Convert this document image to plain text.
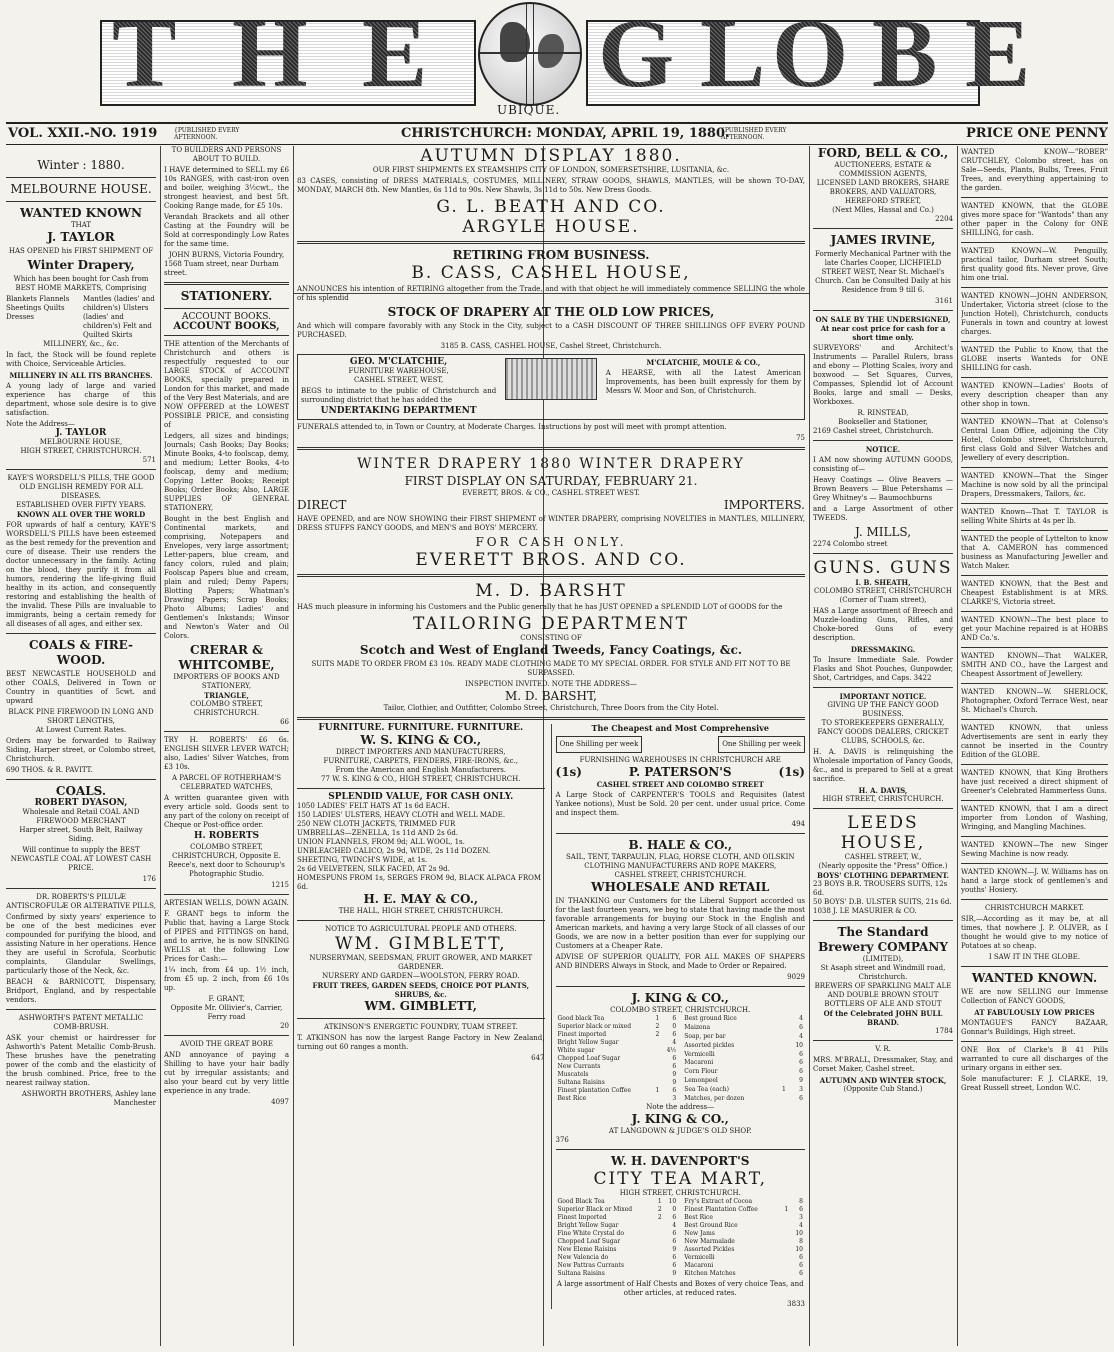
T H E G L O B E
UBIQUE.
VOL. XXII.-NO. 1919	{PUBLISHED EVERY AFTERNOON.	CHRISTCHURCH: MONDAY, APRIL 19, 1880.
{PUBLISHED EVERY AFTERNOON.	PRICE ONE PENNY
Winter : 1880.
MELBOURNE HOUSE.
WANTED KNOWN
THAT
J. TAYLOR

HAS OPENED his FIRST SHIPMENT OF

Winter Drapery,

Which has been bought for Cash from BEST HOME MARKETS, Comprising

Blankets Flannels Sheetings Quilts Dresses
Mantles (ladies' and children's) Ulsters (ladies' and children's) Felt and Quilted Skirts
MILLINERY, &c., &c.

In fact, the Stock will be found replete with Choice, Serviceable Articles.

MILLINERY IN ALL ITS BRANCHES.

A young lady of large and varied experience has charge of this department, whose sole desire is to give satisfaction.

Note the Address—
J. TAYLOR
MELBOURNE HOUSE,
HIGH STREET, CHRISTCHURCH.
571
KAYE'S WORSDELL'S PILLS, THE GOOD OLD ENGLISH REMEDY FOR ALL DISEASES.
ESTABLISHED OVER FIFTY YEARS.
KNOWN ALL OVER THE WORLD

FOR upwards of half a century, KAYE'S WORSDELL'S PILLS have been esteemed as the best remedy for the prevention and cure of disease. Their use renders the doctor unnecessary in the family. Acting on the blood, they purify it from all humors, rendering the life-giving fluid healthy in its action, and consequently restoring and establishing the health of the invalid. These Pills are invaluable to immigrants, being a certain remedy for all diseases of all ages, and either sex.

COALS & FIRE-WOOD.

BEST NEWCASTLE HOUSEHOLD and other COALS, Delivered in Town or Country in quantities of 5cwt. and upward

BLACK PINE FIREWOOD IN LONG AND SHORT LENGTHS,
At Lowest Current Rates.

Orders may be forwarded to Railway Siding, Harper street, or Colombo street, Christchurch.

690 THOS. & R. PAVITT.
COALS.
ROBERT DYASON,
Wholesale and Retail COAL AND FIREWOOD MERCHANT
Harper street, South Belt, Railway Siding.

Will continue to supply the BEST NEWCASTLE COAL AT LOWEST CASH PRICE.

176
DR. ROBERTS'S PILULÆ ANTISCROFULÆ OR ALTERATIVE PILLS,

Confirmed by sixty years' experience to be one of the best medicines ever compounded for purifying the blood, and assisting Nature in her operations. Hence they are useful in Scrofula, Scorbutic complaints, Glandular Swellings, particularly those of the Neck, &c.

BEACH & BARNICOTT, Dispensary, Bridport, England, and by respectable vendors.

ASHWORTH'S PATENT METALLIC COMB-BRUSH.

ASK your chemist or hairdresser for Ashworth's Patent Metallic Comb-Brush. These brushes have the penetrating power of the comb and the elasticity of the brush combined. Price, free to the nearest railway station.

ASHWORTH BROTHERS, Ashley lane Manchester
TO BUILDERS AND PERSONS ABOUT TO BUILD.

I HAVE determined to SELL my £6 10s RANGES, with cast-iron oven and boiler, weighing 3½cwt., the strongest heaviest, and best 5ft. Cooking Range made, for £5 10s.

Verandah Brackets and all other Casting at the Foundry will be Sold at correspondingly Low Rates for the same time.

JOHN BURNS, Victoria Foundry,
1568 Tuam street, near Durham street.
STATIONERY.
ACCOUNT BOOKS.
ACCOUNT BOOKS,

THE attention of the Merchants of Christchurch and others is respectfully requested to our LARGE STOCK of ACCOUNT BOOKS, specially prepared in London for this market, and made of the Very Best Materials, and are NOW OFFERED at the LOWEST POSSIBLE PRICE, and consisting of

Ledgers, all sizes and bindings; Journals; Cash Books; Day Books; Minute Books, 4-to foolscap, demy, and medium; Letter Books, 4-to foolscap, demy and medium; Copying Letter Books; Receipt Books; Order Books; Also, LARGE SUPPLIES OF GENERAL STATIONERY,

Bought in the best English and Continental markets, and comprising, Notepapers and Envelopes, very large assortment; Letter-papers, blue cream, and fancy colors, ruled and plain; Foolscap Papers blue and cream, plain and ruled; Demy Papers; Blotting Papers; Whatman's Drawing Papers; Scrap Books; Photo Albums; Ladies' and Gentlemen's Inkstands; Winsor and Newton's Water and Oil Colors.

CRERAR & WHITCOMBE,
IMPORTERS OF BOOKS AND STATIONERY,
TRIANGLE,
COLOMBO STREET, CHRISTCHURCH.
66

TRY H. ROBERTS' £6 6s. ENGLISH SILVER LEVER WATCH; also, Ladies' Silver Watches, from £3 10s.

A PARCEL OF ROTHERHAM'S CELEBRATED WATCHES,

A written guarantee given with every article sold. Goods sent to any part of the colony on receipt of Cheque or Post-office order.

H. ROBERTS

COLOMBO STREET, CHRISTCHURCH, Opposite E. Reece's, next door to Schourup's Photographic Studio.

1215
ARTESIAN WELLS, DOWN AGAIN.

F. GRANT begs to inform the Public that, having a Large Stock of PIPES and FITTINGS on hand, and to arrive, he is now SINKING WELLS at the following Low Prices for Cash:—

1¼ inch, from £4 up. 1½ inch, from £5 up. 2 inch, from £6 10s up.

F. GRANT,
Opposite Mr. Ollivier's, Carrier, Ferry road
20
AVOID THE GREAT BORE

AND annoyance of paying a Shilling to have your hair badly cut by irregular assistants; and also your beard cut by very little experience in any trade.

4097
AUTUMN DISPLAY 1880.
OUR FIRST SHIPMENTS EX STEAMSHIPS CITY OF LONDON, SOMERSETSHIRE, LUSITANIA, &c.

83 CASES, consisting of DRESS MATERIALS, COSTUMES, MILLINERY, STRAW GOODS, SHAWLS, MANTLES, will be shown TO-DAY, MONDAY, MARCH 8th. New Mantles, 6s 11d to 90s. New Shawls, 3s 11d to 50s. New Dress Goods.

G. L. BEATH AND CO.
ARGYLE HOUSE.
RETIRING FROM BUSINESS.
B. CASS, CASHEL HOUSE,

ANNOUNCES his intention of RETIRING altogether from the Trade, and with that object he will immediately commence SELLING the whole of his splendid

STOCK OF DRAPERY AT THE OLD LOW PRICES,

And which will compare favorably with any Stock in the City, subject to a CASH DISCOUNT OF THREE SHILLINGS OFF EVERY POUND PURCHASED.

3185 B. CASS, CASHEL HOUSE, Cashel Street, Christchurch.
GEO. M'CLATCHIE,
FURNITURE WAREHOUSE,
CASHEL STREET, WEST,

BEGS to intimate to the public of Christchurch and surrounding district that he has added the

UNDERTAKING DEPARTMENT
M'CLATCHIE, MOULE & CO.,

A HEARSE, with all the Latest American Improvements, has been built expressly for them by Messrs W. Moor and Son, of Christchurch.

FUNERALS attended to, in Town or Country, at Moderate Charges. Instructions by post will meet with prompt attention.

75
WINTER DRAPERY 1880 WINTER DRAPERY
FIRST DISPLAY ON SATURDAY, FEBRUARY 21.
EVERETT, BROS. & CO., CASHEL STREET WEST.
DIRECT	IMPORTERS.

HAVE OPENED, and are NOW SHOWING their FIRST SHIPMENT of WINTER DRAPERY, comprising NOVELTIES in MANTLES, MILLINERY, DRESS STUFFS FANCY GOODS, and MEN'S and BOYS' MERCERY.

FOR CASH ONLY.
EVERETT BROS. AND CO.
M. D. BARSHT

HAS much pleasure in informing his Customers and the Public generally that he has JUST OPENED a SPLENDID LOT of GOODS for the

TAILORING DEPARTMENT
CONSISTING OF
Scotch and West of England Tweeds, Fancy Coatings, &c.

SUITS MADE TO ORDER FROM £3 10s. READY MADE CLOTHING MADE TO MY SPECIAL ORDER. FOR STYLE AND FIT NOT TO BE SURPASSED.

INSPECTION INVITED. NOTE THE ADDRESS—
M. D. BARSHT,
Tailor, Clothier, and Outfitter, Colombo Street, Christchurch, Three Doors from the City Hotel.
FURNITURE. FURNITURE. FURNITURE.
W. S. KING & CO.,
DIRECT IMPORTERS AND MANUFACTURERS,
FURNITURE, CARPETS, FENDERS, FIRE-IRONS, &c.,
From the American and English Manufacturers.
77 W. S. KING & CO., HIGH STREET, CHRISTCHURCH.
SPLENDID VALUE, FOR CASH ONLY.
1050 LADIES' FELT HATS AT 1s 6d EACH.
150 LADIES' ULSTERS, HEAVY CLOTH and WELL MADE.
250 NEW CLOTH JACKETS, TRIMMED FUR
UMBRELLAS—ZENELLA, 1s 11d AND 2s 6d.
UNION FLANNELS, FROM 9d; ALL WOOL, 1s.
UNBLEACHED CALICO, 2s 9d, WIDE, 2s 11d DOZEN.
SHEETING, TWINCH'S WIDE, at 1s.
2s 6d VELVETEEN, SILK FACED, AT 2s 9d.
HOMESPUNS FROM 1s, SERGES FROM 9d, BLACK ALPACA FROM 6d.
H. E. MAY & CO.,
THE HALL, HIGH STREET, CHRISTCHURCH.
NOTICE TO AGRICULTURAL PEOPLE AND OTHERS.
WM. GIMBLETT,
NURSERYMAN, SEEDSMAN, FRUIT GROWER, AND MARKET GARDENER.
NURSERY AND GARDEN—WOOLSTON, FERRY ROAD.
FRUIT TREES, GARDEN SEEDS, CHOICE POT PLANTS, SHRUBS, &c.
WM. GIMBLETT,
ATKINSON'S ENERGETIC FOUNDRY, TUAM STREET.

T. ATKINSON has now the largest Range Factory in New Zealand, turning out 60 ranges a month.

647
The Cheapest and Most Comprehensive
One Shilling per week	One Shilling per week
FURNISHING WAREHOUSES IN CHRISTCHURCH ARE
(1s)	P. PATERSON'S	(1s)
CASHEL STREET AND COLOMBO STREET

A Large Stock of CARPENTER'S TOOLS and Requisites (latest Yankee notions), Must be Sold. 20 per cent. under usual price. Come and inspect them.

494
B. HALE & CO.,
SAIL, TENT, TARPAULIN, FLAG, HORSE CLOTH, AND OILSKIN CLOTHING MANUFACTURERS AND ROPE MAKERS,
CASHEL STREET, CHRISTCHURCH.
WHOLESALE AND RETAIL

IN THANKING our Customers for the Liberal Support accorded us for the last fourteen years, we beg to state that having made the most favorable arrangements for buying our Stock in the English and American markets, and having a very large Stock of all classes of our Goods, we are now in a better position than ever for supplying our Customers at a Cheaper Rate.

ADVISE OF SUPERIOR QUALITY, FOR ALL MAKES OF SHAPERS AND BINDERS Always in Stock, and Made to Order or Repaired.

9029
J. KING & CO.,
COLOMBO STREET, CHRISTCHURCH.
Good black Tea	1	6
Superior black or mixed	2	0
Finest imported	2	6
Bright Yellow Sugar		4
White sugar		4½
Chopped Loaf Sugar		6
New Currants		6
Muscatels		9
Sultana Raisins		9
Finest plantation Coffee	1	6
Best Rice		3
Best ground Rice		4
Maizena		6
Soap, per bar		4
Assorted pickles		10
Vermicelli		6
Macaroni		6
Corn Flour		6
Lemonpeel		9
Sea Tea (each)	1	3
Matches, per dozen		6
Note the address—
J. KING & CO.,
AT LANGDOWN & JUDGE'S OLD SHOP.
376
W. H. DAVENPORT'S
CITY TEA MART,
HIGH STREET, CHRISTCHURCH.
Good Black Tea	1	10
Superior Black or Mixed	2	0
Finest Imported	2	6
Bright Yellow Sugar		4
Fine White Crystal do		6
Chopped Loaf Sugar		6
New Eleme Raisins		9
New Valencia do		6
New Pattras Currants		6
Sultana Raisins		9
Fry's Extract of Cocoa		8
Finest Plantation Coffee	1	6
Best Rice		3
Best Ground Rice		4
New Jams		10
New Marmalade		8
Assorted Pickles		10
Vermicelli		6
Macaroni		6
Kitchen Matches		6

A large assortment of Half Chests and Boxes of very choice Teas, and other articles, at reduced rates.

3833
FORD, BELL & CO.,
AUCTIONEERS, ESTATE & COMMISSION AGENTS,
LICENSED LAND BROKERS, SHARE BROKERS, AND VALUATORS, HEREFORD STREET,
(Next Mlles, Hassal and Co.)
2204
JAMES IRVINE,

Formerly Mechanical Partner with the late Charles Cooper, LICHFIELD STREET WEST, Near St. Michael's Church. Can be Consulted Daily at his Residence from 9 till 6.

3161
ON SALE BY THE UNDERSIGNED, At near cost price for cash for a short time only.

SURVEYORS' and Architect's Instruments — Parallel Rulers, brass and ebony — Plotting Scales, ivory and boxwood — Set Squares, Curves, Compasses, Splendid lot of Account Books, large and small — Desks, Workboxes.

R. RINSTEAD,
Bookseller and Stationer,
2169 Cashel street, Christchurch.
NOTICE.

I AM now showing AUTUMN GOODS, consisting of—

Heavy Coatings — Olive Beavers — Brown Beavers — Blue Petershams — Grey Whitney's — Baumochburns

and a Large Assortment of other TWEEDS.

J. MILLS,
2274 Colombo street
GUNS. GUNS
I. B. SHEATH,
COLOMBO STREET, CHRISTCHURCH (Corner of Tuam street),

HAS a Large assortment of Breech and Muzzle-loading Guns, Rifles, and Choke-bored Guns of every description.

DRESSMAKING.

To Insure Immediate Sale. Powder Flasks and Shot Pouches, Gunpowder, Shot, Cartridges, and Caps. 3422

IMPORTANT NOTICE.
GIVING UP THE FANCY GOOD BUSINESS.
TO STOREKEEPERS GENERALLY, FANCY GOODS DEALERS, CRICKET CLUBS, SCHOOLS, &c.

H. A. DAVIS is relinquishing the Wholesale importation of Fancy Goods, &c., and is prepared to Sell at a great sacrifice.

H. A. DAVIS,
HIGH STREET, CHRISTCHURCH.
LEEDS HOUSE,
CASHEL STREET, W.,
(Nearly opposite the "Press" Office.)
BOYS' CLOTHING DEPARTMENT.
23 BOYS B.R. TROUSERS SUITS, 12s 6d.
50 BOYS' D.B. ULSTER SUITS, 21s 6d.
1038 J. LE MASURIER & CO.
The Standard Brewery COMPANY
(LIMITED),
St Asaph street and Windmill road, Christchurch.
BREWERS OF SPARKLING MALT ALE AND DOUBLE BROWN STOUT BOTTLERS OF ALE AND STOUT
Of the Celebrated JOHN BULL BRAND.
1784
V. R.

MRS. M'BRALL, Dressmaker, Stay, and Corset Maker, Cashel street.

AUTUMN AND WINTER STOCK,
(Opposite Cub Stand.)

WANTED KNOW—"ROBER" CRUTCHLEY, Colombo street, has on Sale—Seeds, Plants, Bulbs, Trees, Fruit Trees, and everything appertaining to the garden.

WANTED KNOWN, that the GLOBE gives more space for "Wantods" than any other paper in the Colony for ONE SHILLING, for cash.

WANTED KNOWN—W. Penguilly, practical tailor, Durham street South; first quality good fits. Never prove, Give him one trial.

WANTED KNOWN—JOHN ANDERSON, Undertaker, Victoria street (close to the Junction Hotel), Christchurch, conducts Funerals in town and country at lowest charges.

WANTED the Public to Know, that the GLOBE inserts Wanteds for ONE SHILLING for cash.

WANTED KNOWN—Ladies' Boots of every description cheaper than any other shop in town.

WANTED KNOWN—That at Colenso's Central Loan Office, adjoining the City Hotel, Colombo street, Christchurch, first class Gold and Silver Watches and Jewellery of every description.

WANTED KNOWN—That the Singer Machine is now sold by all the principal Drapers, Dressmakers, Tailors, &c.

WANTED Known—That T. TAYLOR is selling White Shirts at 4s per lb.

WANTED the people of Lyttelton to know that A. CAMERON has commenced business as Manufacturing Jeweller and Watch Maker.

WANTED KNOWN, that the Best and Cheapest Establishment is at MRS. CLARKE'S, Victoria street.

WANTED KNOWN—The best place to get your Machine repaired is at HOBBS AND Co.'s.

WANTED KNOWN—That WALKER, SMITH AND CO., have the Largest and Cheapest Assortment of Jewellery.

WANTED KNOWN—W. SHERLOCK, Photographer, Oxford Terrace West, near St. Michael's Church.

WANTED KNOWN, that unless Advertisements are sent in early they cannot be inserted in the Country Edition of the GLOBE.

WANTED KNOWN, that King Brothers have just received a direct shipment of Greener's Celebrated Hammerless Guns.

WANTED KNOWN, that I am a direct importer from London of Washing, Wringing, and Mangling Machines.

WANTED KNOWN—The new Singer Sewing Machine is now ready.

WANTED KNOWN—J. W. Williams has on hand a large stock of gentlemen's and youths' Hosiery.

CHRISTCHURCH MARKET.

SIR,—According as it may be, at all times, that nowhere J. P. OLIVER, as I thought he would give to my notice of Potatoes at so cheap.

I SAW IT IN THE GLOBE.
WANTED KNOWN.

WE are now SELLING our Immense Collection of FANCY GOODS,

AT FABULOUSLY LOW PRICES

MONTAGUE'S FANCY BAZAAR, Gonnar's Buildings, High street.

ONE Box of Clarke's B 41 Pills warranted to cure all discharges of the urinary organs in either sex.

Sole manufacturer: F. J. CLARKE, 19, Great Russell street, London W.C.
